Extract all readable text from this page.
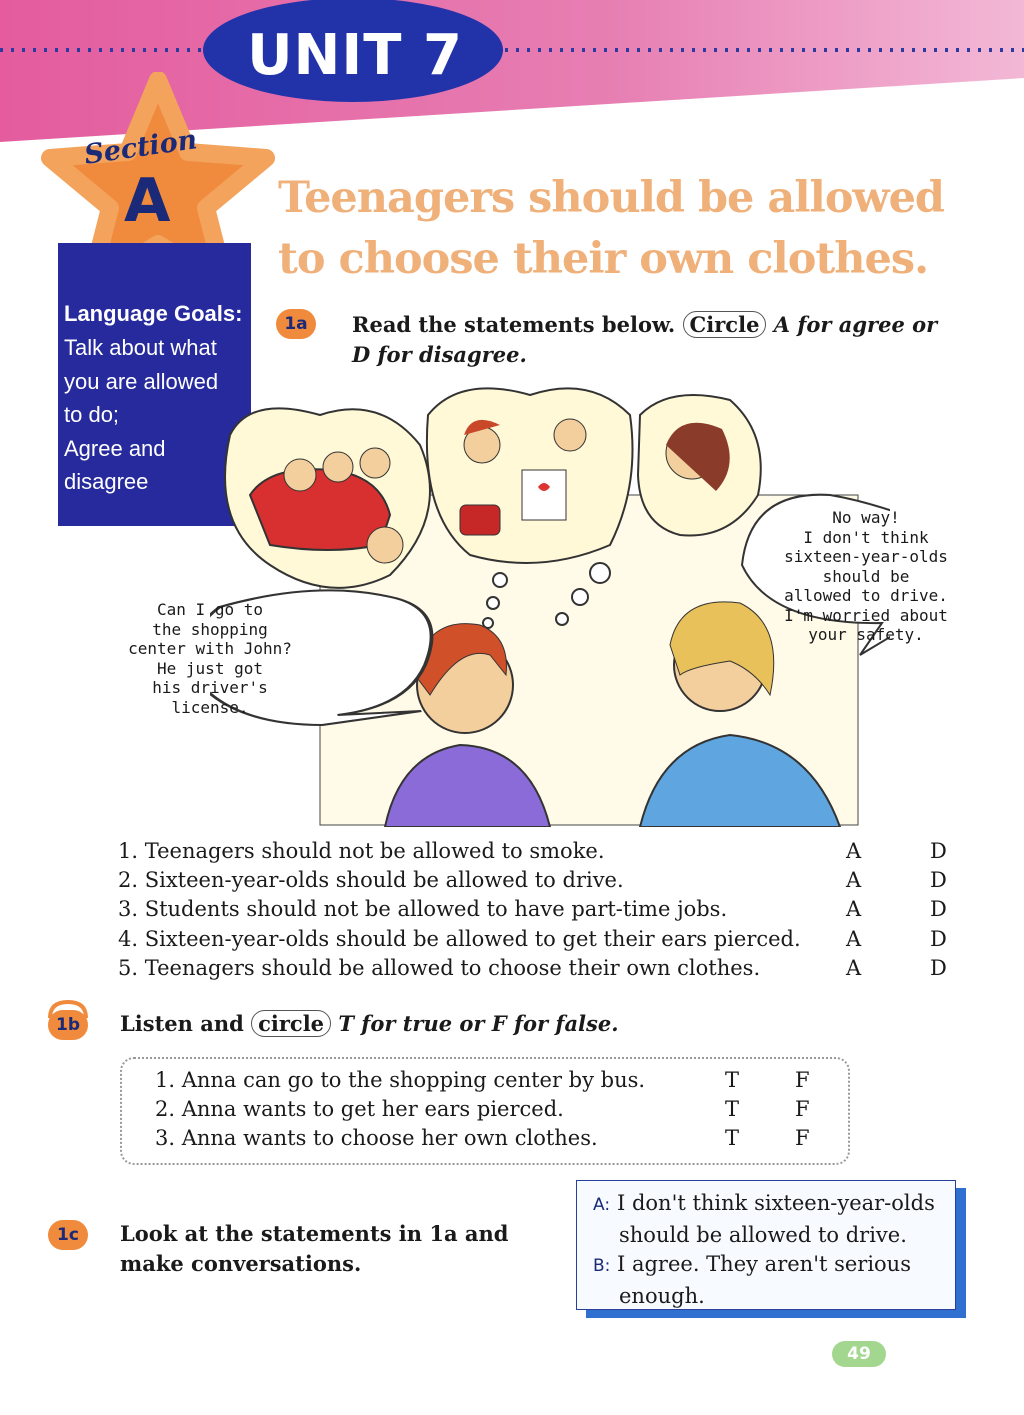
UNIT 7
Section
A
Language Goals:
Talk about what
you are allowed
to do;
Agree and
disagree
Teenagers should be allowed
to choose their own clothes.
1a	Read the statements below. Circle A for agree or
D for disagree.
Can I go to
the shopping
center with John?
He just got
his driver's
license.
No way!
I don't think
sixteen-year-olds
should be
allowed to drive.
I'm worried about
your safety.
1. Teenagers should not be allowed to smoke.	A	D
2. Sixteen-year-olds should be allowed to drive.	A	D
3. Students should not be allowed to have part-time jobs.	A	D
4. Sixteen-year-olds should be allowed to get their ears pierced.	A	D
5. Teenagers should be allowed to choose their own clothes.	A	D
1b	Listen and circle T for true or F for false.
1. Anna can go to the shopping center by bus.	T	F
2. Anna wants to get her ears pierced.	T	F
3. Anna wants to choose her own clothes.	T	F
1c	Look at the statements in 1a and
make conversations.
A: I don't think sixteen-year-olds
should be allowed to drive.
B: I agree. They aren't serious
enough.
49
